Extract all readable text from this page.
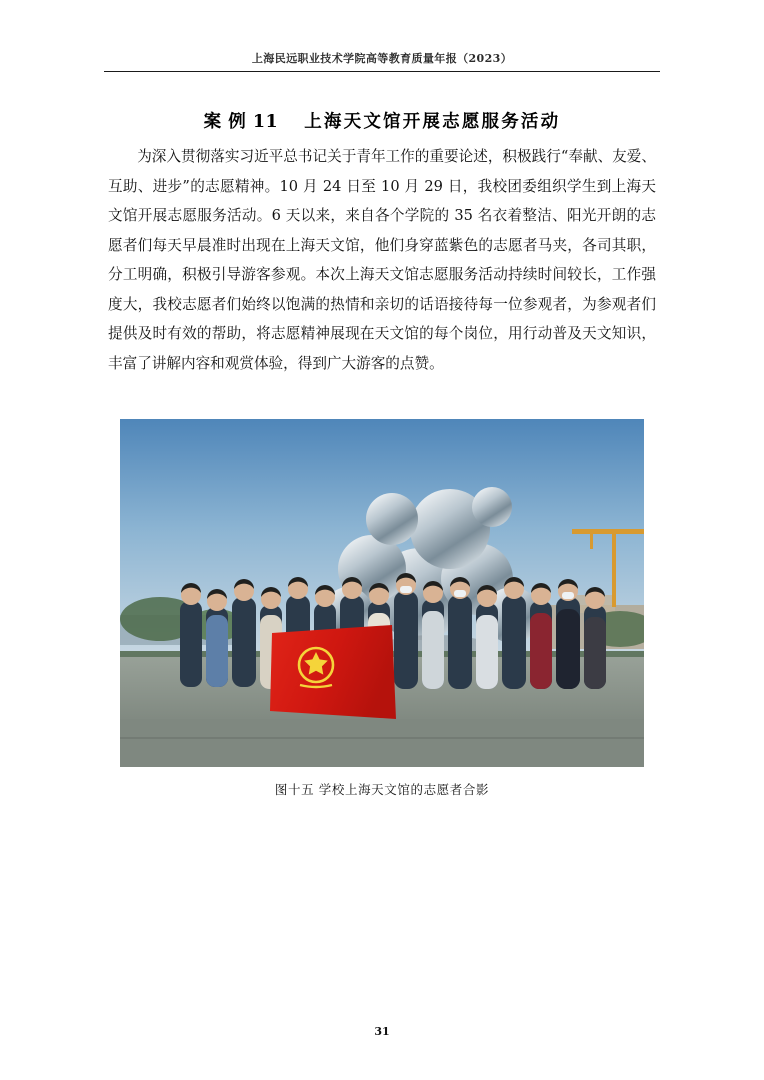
上海民远职业技术学院高等教育质量年报（2023）
案 例 11 上海天文馆开展志愿服务活动

为深入贯彻落实习近平总书记关于青年工作的重要论述，积极践行“奉献、友爱、互助、进步”的志愿精神。10 月 24 日至 10 月 29 日，我校团委组织学生到上海天文馆开展志愿服务活动。6 天以来，来自各个学院的 35 名衣着整洁、阳光开朗的志愿者们每天早晨准时出现在上海天文馆，他们身穿蓝紫色的志愿者马夹，各司其职，分工明确，积极引导游客参观。本次上海天文馆志愿服务活动持续时间较长，工作强度大，我校志愿者们始终以饱满的热情和亲切的话语接待每一位参观者，为参观者们提供及时有效的帮助，将志愿精神展现在天文馆的每个岗位，用行动普及天文知识，丰富了讲解内容和观赏体验，得到广大游客的点赞。

图十五 学校上海天文馆的志愿者合影
31
